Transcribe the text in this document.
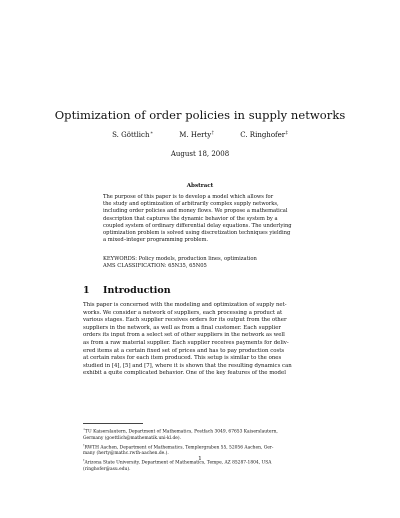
Optimization of order policies in supply networks
S. Göttlich∗	M. Herty†	C. Ringhofer‡
August 18, 2008
Abstract
The purpose of this paper is to develop a model which allows for
the study and optimization of arbitrarily complex supply networks,
including order policies and money flows. We propose a mathematical
description that captures the dynamic behavior of the system by a
coupled system of ordinary differential delay equations. The underlying
optimization problem is solved using discretization techniques yielding
a mixed–integer programming problem.
KEYWORDS: Policy models, production lines, optimization
AMS CLASSIFICATION: 65N35, 65N05
1 Introduction
This paper is concerned with the modeling and optimization of supply net-
works. We consider a network of suppliers, each processing a product at
various stages. Each supplier receives orders for its output from the other
suppliers in the network, as well as from a final customer. Each supplier
orders its input from a select set of other suppliers in the network as well
as from a raw material supplier. Each supplier receives payments for deliv-
ered items at a certain fixed set of prices and has to pay production costs
at certain rates for each item produced. This setup is similar to the ones
studied in [4], [5] and [7], where it is shown that the resulting dynamics can
exhibit a quite complicated behavior. One of the key features of the model
∗TU Kaiserslautern, Department of Mathematics, Postfach 3049, 67653 Kaiserslautern,
Germany (goettlich@mathematik.uni-kl.de).
†RWTH Aachen, Department of Mathematics, Templergraben 55, 52056 Aachen, Ger-
many (herty@mathc.rwth-aachen.de.).
‡Arizona State University, Department of Mathematics, Tempe, AZ 85287-1804, USA
(ringhofer@asu.edu).
1
